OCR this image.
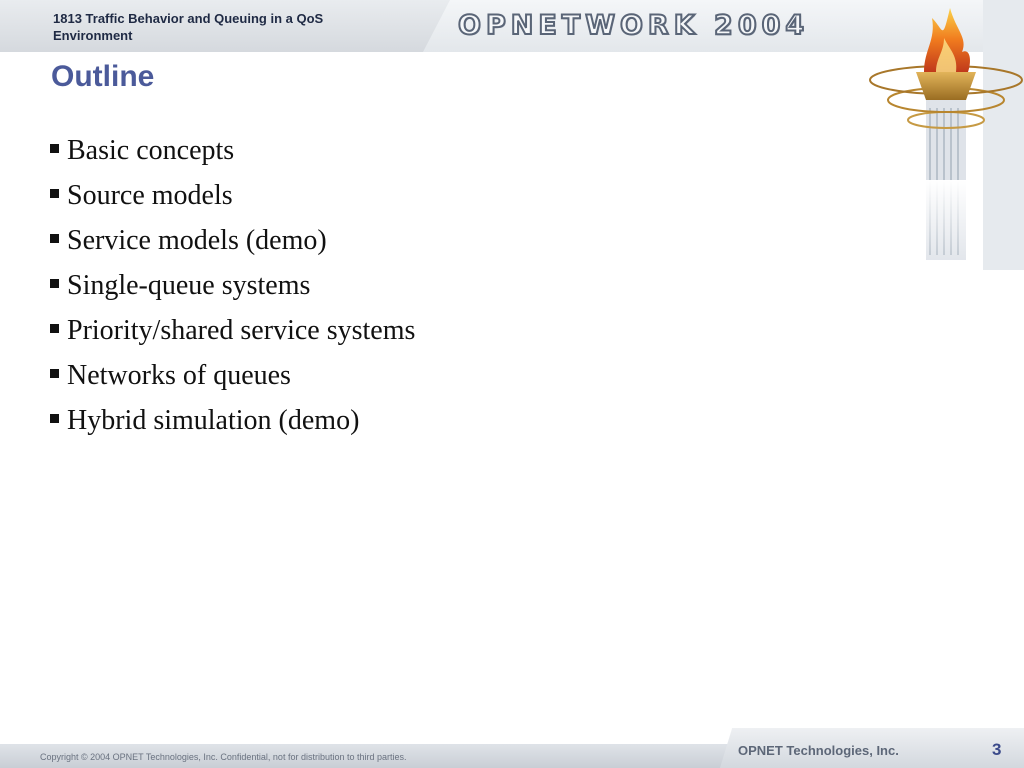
1813 Traffic Behavior and Queuing in a QoS Environment	OPNETWORK 2004
Outline
Basic concepts
Source models
Service models (demo)
Single-queue systems
Priority/shared service systems
Networks of queues
Hybrid simulation (demo)
Copyright © 2004 OPNET Technologies, Inc. Confidential, not for distribution to third parties.	OPNET Technologies, Inc.	3
